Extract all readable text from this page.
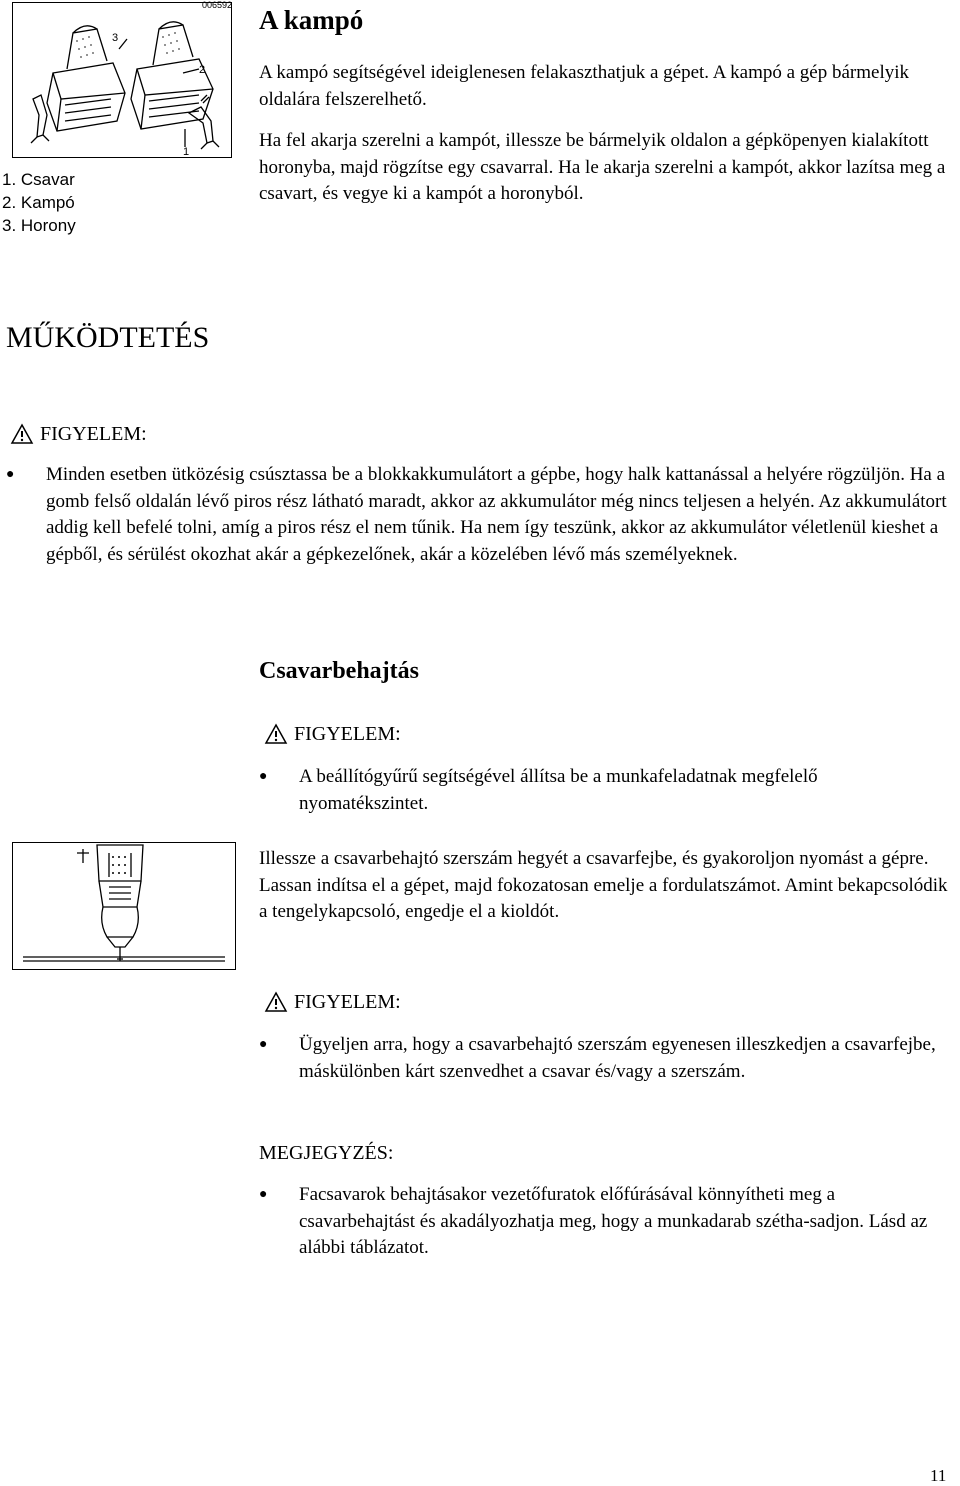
3
2
1
006592
1. Csavar
2. Kampó
3. Horony
A kampó
A kampó segítségével ideiglenesen felakaszthatjuk a gépet. A kampó a gép bármelyik oldalára felszerelhető.
Ha fel akarja szerelni a kampót, illessze be bármelyik oldalon a gépköpenyen kialakított horonyba, majd rögzítse egy csavarral. Ha le akarja szerelni a kampót, akkor lazítsa meg a csavart, és vegye ki a kampót a horonyból.
MŰKÖDTETÉS
FIGYELEM:
●	Minden esetben ütközésig csúsztassa be a blokkakkumulátort a gépbe, hogy halk kattanással a helyére rögzüljön. Ha a gomb felső oldalán lévő piros rész látható maradt, akkor az akkumulátor még nincs teljesen a helyén. Az akkumulátort addig kell befelé tolni, amíg a piros rész el nem tűnik. Ha nem így teszünk, akkor az akkumulátor véletlenül kieshet a gépből, és sérülést okozhat akár a gépkezelőnek, akár a közelében lévő más személyeknek.
Csavarbehajtás
FIGYELEM:
●	A beállítógyűrű segítségével állítsa be a munkafeladatnak megfelelő nyomatékszintet.
Illessze a csavarbehajtó szerszám hegyét a csavarfejbe, és gyakoroljon nyomást a gépre. Lassan indítsa el a gépet, majd fokozatosan emelje a fordulatszámot. Amint bekapcsolódik a tengelykapcsoló, engedje el a kioldót.
FIGYELEM:
●	Ügyeljen arra, hogy a csavarbehajtó szerszám egyenesen illeszkedjen a csavarfejbe, máskülönben kárt szenvedhet a csavar és/vagy a szerszám.
MEGJEGYZÉS:
●	Facsavarok behajtásakor vezetőfuratok előfúrásával könnyítheti meg a csavarbehajtást és akadályozhatja meg, hogy a munkadarab szétha-sadjon. Lásd az alábbi táblázatot.
11
